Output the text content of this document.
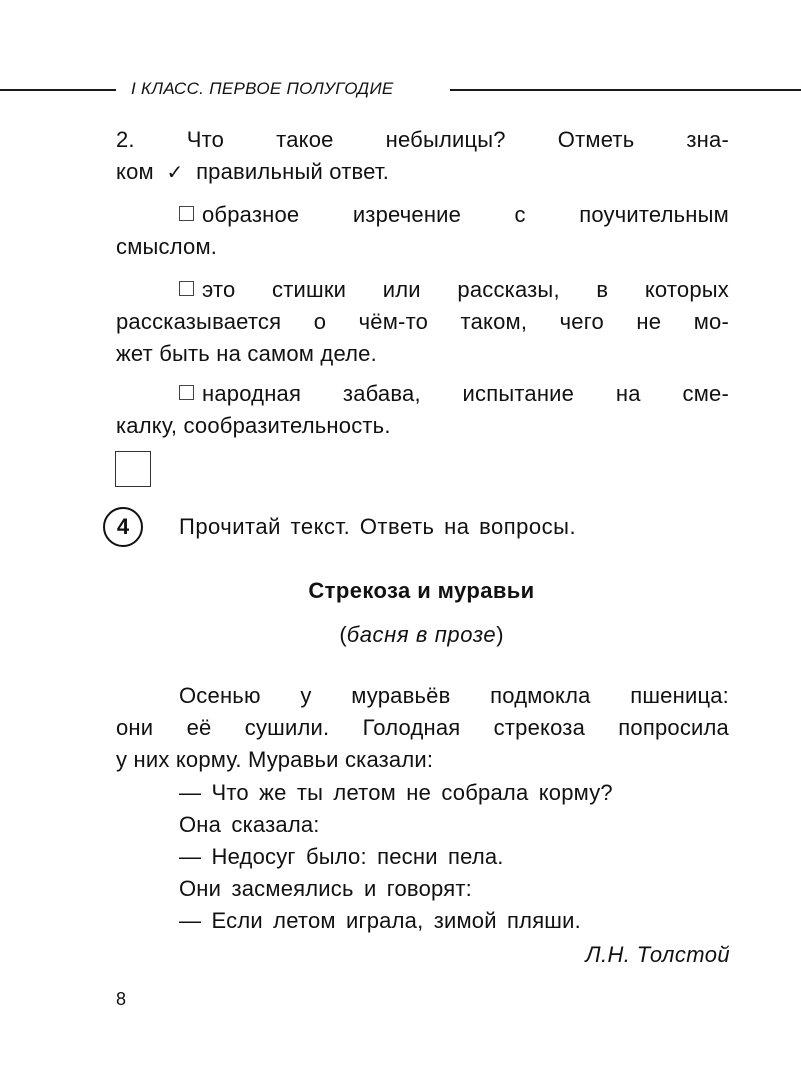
I КЛАСС. ПЕРВОЕ ПОЛУГОДИЕ
2. Что такое небылицы? Отметь зна-
ком ✓ правильный ответ.
образное изречение с поучительным
смыслом.
это стишки или рассказы, в которых
рассказывается о чём-то таком, чего не мо-
жет быть на самом деле.
народная забава, испытание на сме-
калку, сообразительность.
4	Прочитай текст. Ответь на вопросы.
Стрекоза и муравьи
(басня в прозе)
Осенью у муравьёв подмокла пшеница:
они её сушили. Голодная стрекоза попросила
у них корму. Муравьи сказали:
— Что же ты летом не собрала корму?
Она сказала:
— Недосуг было: песни пела.
Они засмеялись и говорят:
— Если летом играла, зимой пляши.
Л.Н. Толстой
8
